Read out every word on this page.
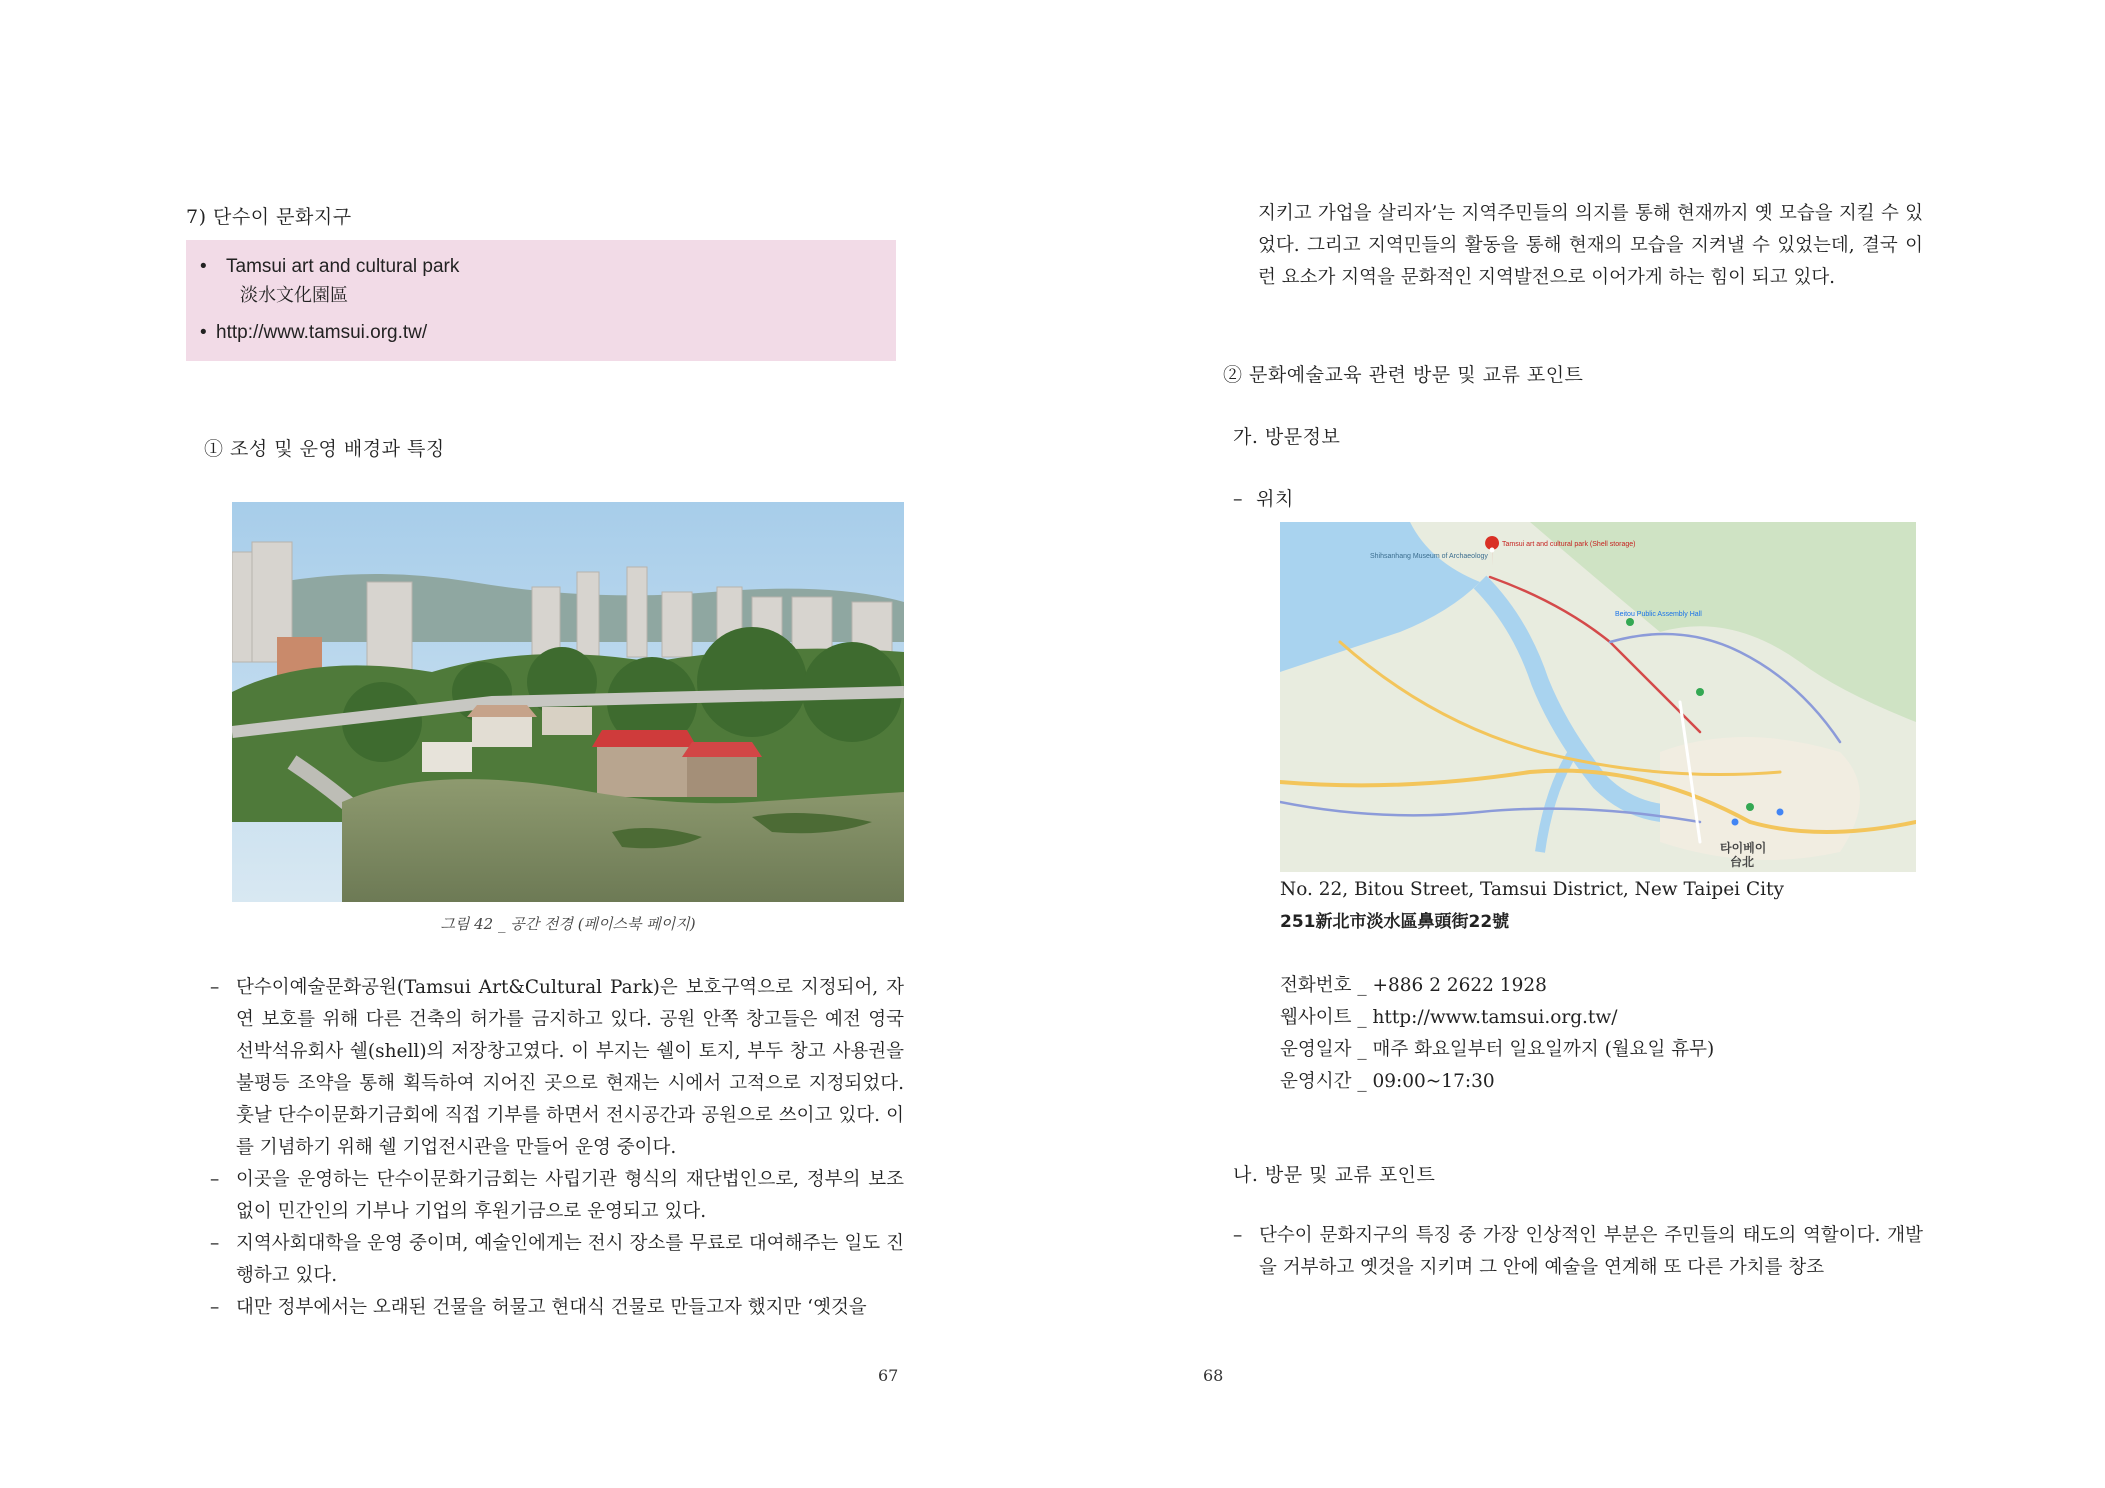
7) 단수이 문화지구
•	Tamsui art and cultural park
淡水文化園區
• http://www.tamsui.org.tw/
① 조성 및 운영 배경과 특징
그림 42 _ 공간 전경 (페이스북 페이지)
– 단수이예술문화공원(Tamsui Art&Cultural Park)은 보호구역으로 지정되어, 자연 보호를 위해 다른 건축의 허가를 금지하고 있다. 공원 안쪽 창고들은 예전 영국 선박석유회사 쉘(shell)의 저장창고였다. 이 부지는 쉘이 토지, 부두 창고 사용권을 불평등 조약을 통해 획득하여 지어진 곳으로 현재는 시에서 고적으로 지정되었다. 훗날 단수이문화기금회에 직접 기부를 하면서 전시공간과 공원으로 쓰이고 있다. 이를 기념하기 위해 쉘 기업전시관을 만들어 운영 중이다.
– 이곳을 운영하는 단수이문화기금회는 사립기관 형식의 재단법인으로, 정부의 보조 없이 민간인의 기부나 기업의 후원기금으로 운영되고 있다.
– 지역사회대학을 운영 중이며, 예술인에게는 전시 장소를 무료로 대여해주는 일도 진행하고 있다.
– 대만 정부에서는 오래된 건물을 허물고 현대식 건물로 만들고자 했지만 ‘옛것을
67
지키고 가업을 살리자’는 지역주민들의 의지를 통해 현재까지 옛 모습을 지킬 수 있었다. 그리고 지역민들의 활동을 통해 현재의 모습을 지켜낼 수 있었는데, 결국 이런 요소가 지역을 문화적인 지역발전으로 이어가게 하는 힘이 되고 있다.
② 문화예술교육 관련 방문 및 교류 포인트
가. 방문정보
–  위치
Tamsui art and cultural park (Shell storage)
Shihsanhang Museum of Archaeology
Beitou Public Assembly Hall
타이베이
台北
No. 22, Bitou Street, Tamsui District, New Taipei City
251新北市淡水區鼻頭街22號
전화번호 _ +886 2 2622 1928
웹사이트 _ http://www.tamsui.org.tw/
운영일자 _ 매주 화요일부터 일요일까지 (월요일 휴무)
운영시간 _ 09:00~17:30
나. 방문 및 교류 포인트
– 단수이 문화지구의 특징 중 가장 인상적인 부분은 주민들의 태도의 역할이다. 개발을 거부하고 옛것을 지키며 그 안에 예술을 연계해 또 다른 가치를 창조
68
